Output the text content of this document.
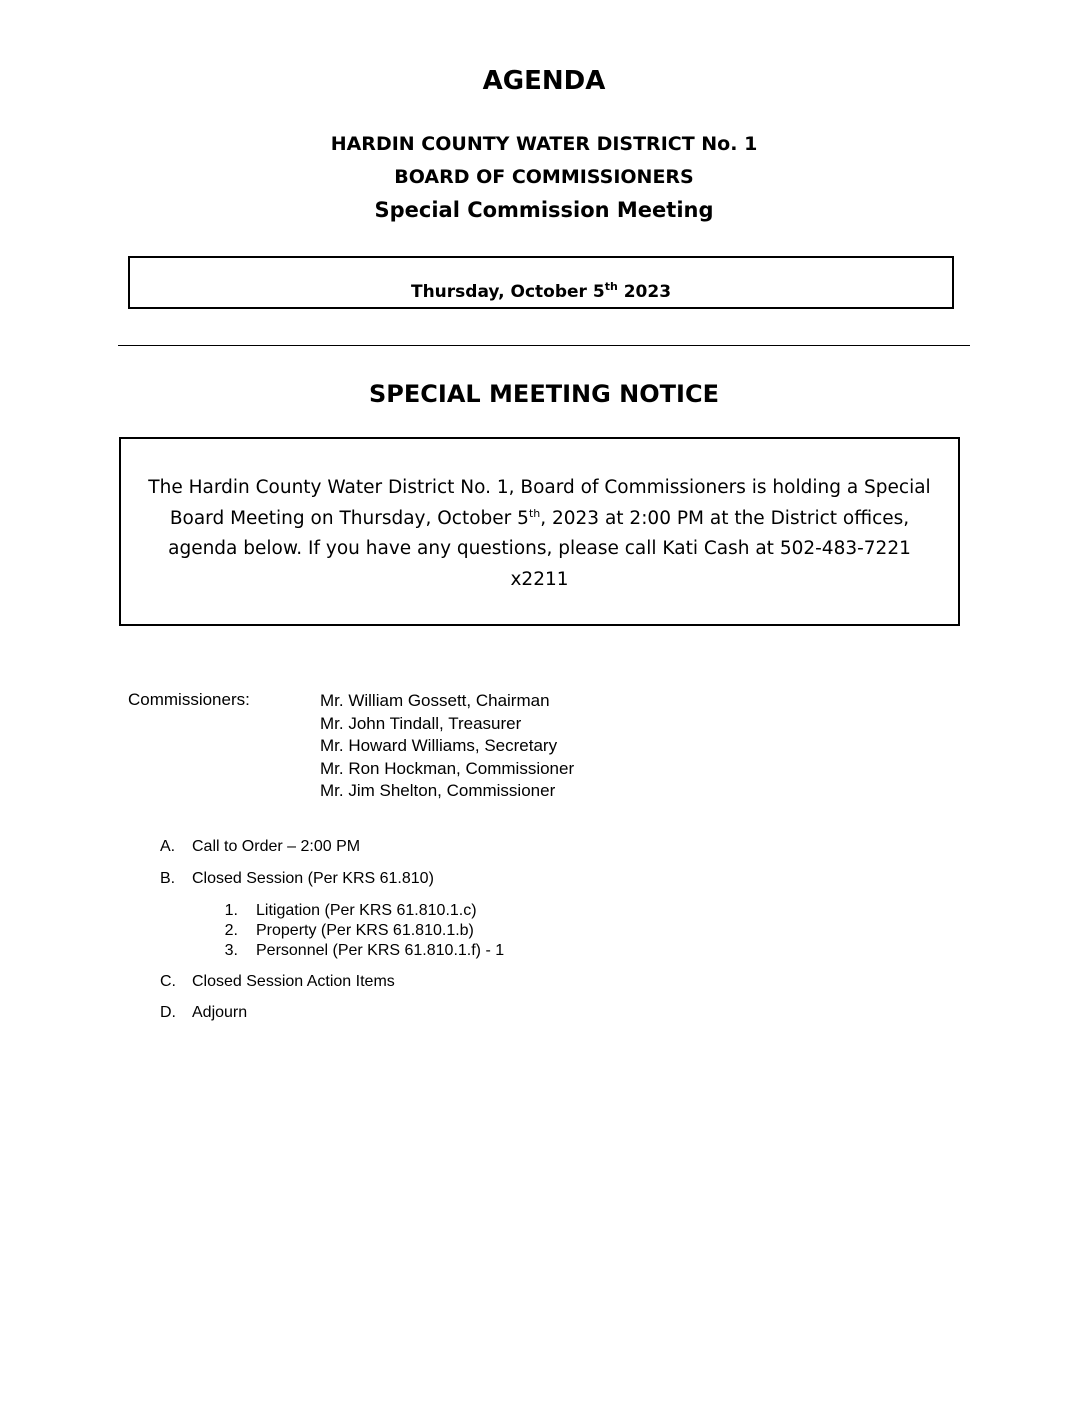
AGENDA
HARDIN COUNTY WATER DISTRICT No. 1
BOARD OF COMMISSIONERS
Special Commission Meeting
Thursday, October 5th 2023
SPECIAL MEETING NOTICE
The Hardin County Water District No. 1, Board of Commissioners is holding a Special Board Meeting on Thursday, October 5th, 2023 at 2:00 PM at the District offices, agenda below. If you have any questions, please call Kati Cash at 502-483-7221 x2211
Commissioners:	Mr. William Gossett, Chairman
Mr. John Tindall, Treasurer
Mr. Howard Williams, Secretary
Mr. Ron Hockman, Commissioner
Mr. Jim Shelton, Commissioner
A. Call to Order – 2:00 PM
B. Closed Session (Per KRS 61.810)
1. Litigation (Per KRS 61.810.1.c)
2. Property (Per KRS 61.810.1.b)
3. Personnel (Per KRS 61.810.1.f) - 1
C. Closed Session Action Items
D. Adjourn
